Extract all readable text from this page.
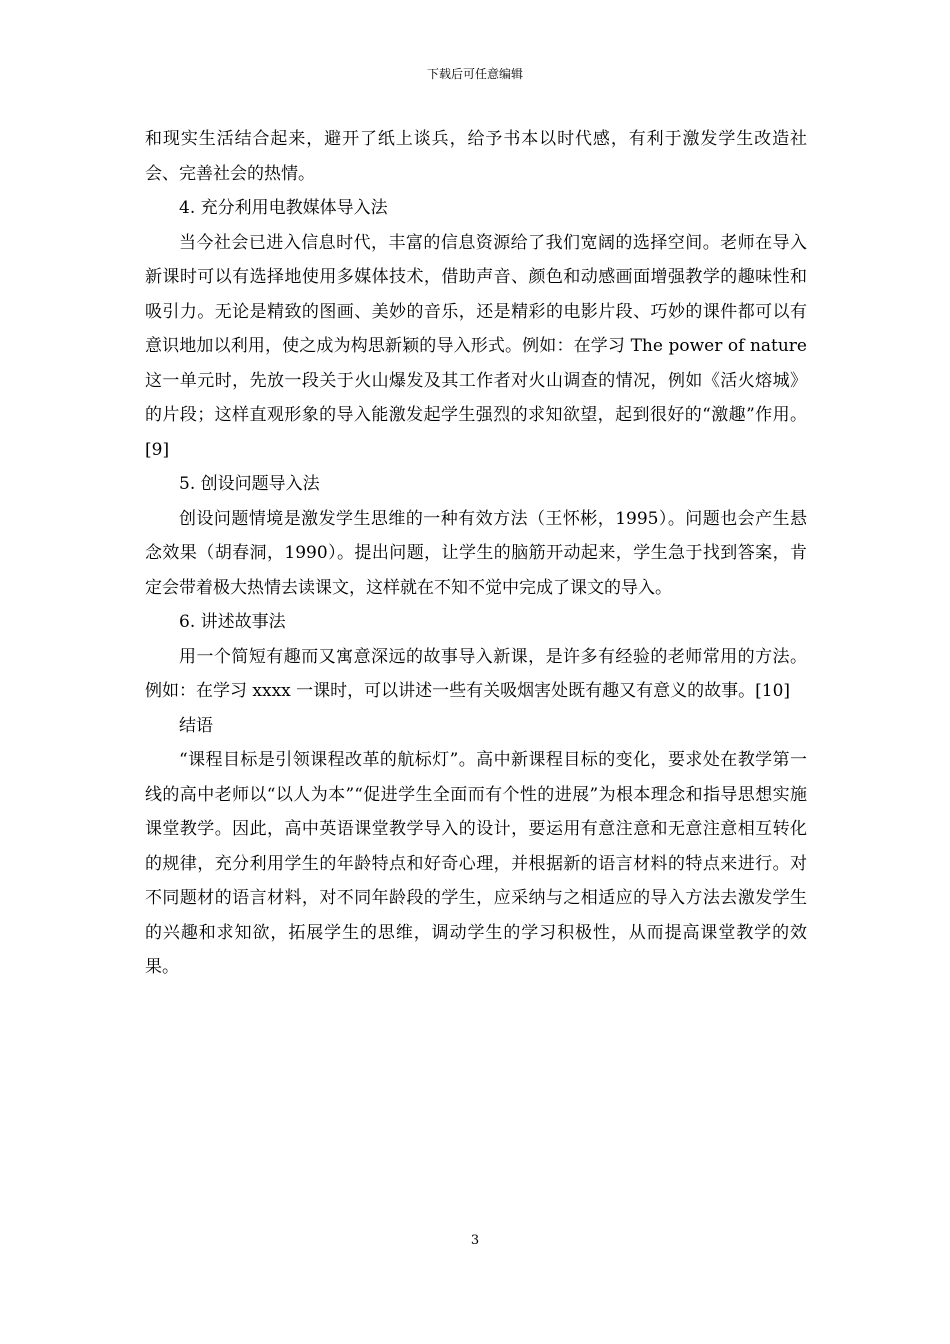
下载后可任意编辑

和现实生活结合起来，避开了纸上谈兵，给予书本以时代感，有利于激发学生改造社会、完善社会的热情。

4. 充分利用电教媒体导入法

当今社会已进入信息时代，丰富的信息资源给了我们宽阔的选择空间。老师在导入新课时可以有选择地使用多媒体技术，借助声音、颜色和动感画面增强教学的趣味性和吸引力。无论是精致的图画、美妙的音乐，还是精彩的电影片段、巧妙的课件都可以有意识地加以利用，使之成为构思新颖的导入形式。例如：在学习 The power of nature 这一单元时，先放一段关于火山爆发及其工作者对火山调查的情况，例如《活火熔城》的片段；这样直观形象的导入能激发起学生强烈的求知欲望，起到很好的“激趣”作用。[9]

5. 创设问题导入法

创设问题情境是激发学生思维的一种有效方法（王怀彬，1995）。问题也会产生悬念效果（胡春洞，1990）。提出问题，让学生的脑筋开动起来，学生急于找到答案，肯定会带着极大热情去读课文，这样就在不知不觉中完成了课文的导入。

6. 讲述故事法

用一个简短有趣而又寓意深远的故事导入新课，是许多有经验的老师常用的方法。例如：在学习 xxxx 一课时，可以讲述一些有关吸烟害处既有趣又有意义的故事。[10]

结语

“课程目标是引领课程改革的航标灯”。高中新课程目标的变化，要求处在教学第一线的高中老师以“以人为本”“促进学生全面而有个性的进展”为根本理念和指导思想实施课堂教学。因此，高中英语课堂教学导入的设计，要运用有意注意和无意注意相互转化的规律，充分利用学生的年龄特点和好奇心理，并根据新的语言材料的特点来进行。对不同题材的语言材料，对不同年龄段的学生，应采纳与之相适应的导入方法去激发学生的兴趣和求知欲，拓展学生的思维，调动学生的学习积极性，从而提高课堂教学的效果。

3
